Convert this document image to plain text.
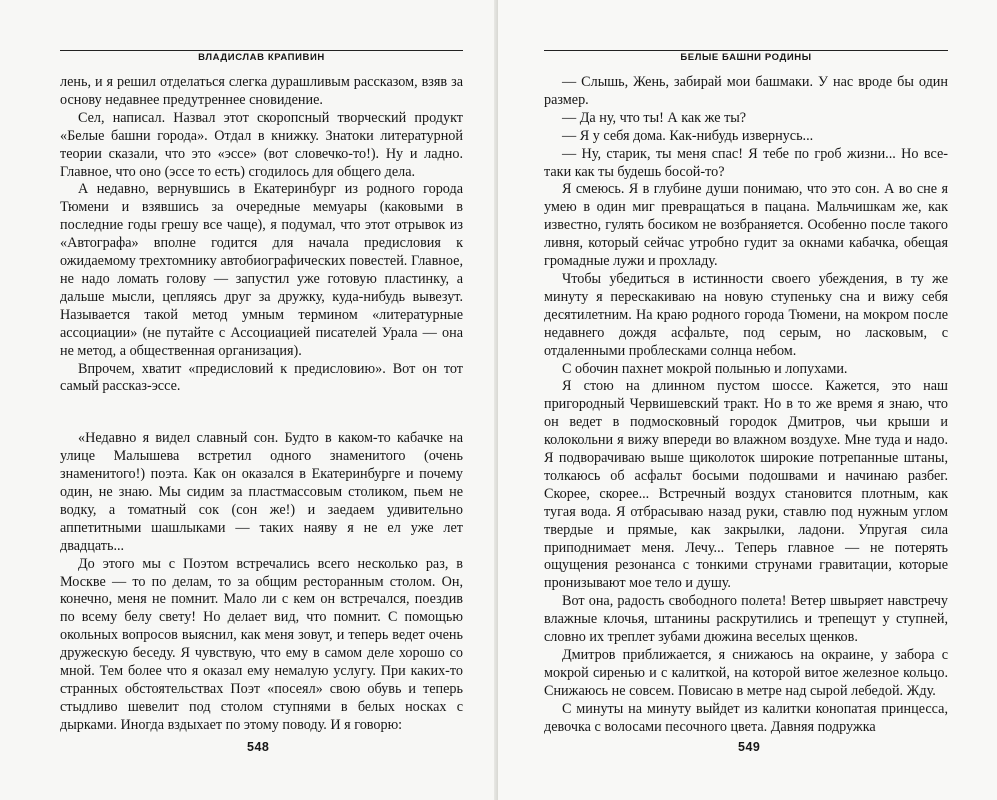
ВЛАДИСЛАВ КРАПИВИН

лень, и я решил отделаться слегка дурашливым рассказом, взяв за основу недавнее предутреннее сновидение.

Сел, написал. Назвал этот скоропсный творческий продукт «Белые башни города». Отдал в книжку. Знатоки литературной теории сказали, что это «эссе» (вот словечко-то!). Ну и ладно. Главное, что оно (эссе то есть) сгодилось для общего дела.

А недавно, вернувшись в Екатеринбург из родного города Тюмени и взявшись за очередные мемуары (каковыми в последние годы грешу все чаще), я подумал, что этот отрывок из «Автографа» вполне годится для начала предисловия к ожидаемому трехтомнику автобиографических повестей. Главное, не надо ломать голову — запустил уже готовую пластинку, а дальше мысли, цепляясь друг за дружку, куда-нибудь вывезут. Называется такой метод умным термином «литературные ассоциации» (не путайте с Ассоциацией писателей Урала — она не метод, а общественная организация).

Впрочем, хватит «предисловий к предисловию». Вот он тот самый рассказ-эссе.

«Недавно я видел славный сон. Будто в каком-то кабачке на улице Малышева встретил одного знаменитого (очень знаменитого!) поэта. Как он оказался в Екатеринбурге и почему один, не знаю. Мы сидим за пластмассовым столиком, пьем не водку, а томатный сок (сон же!) и заедаем удивительно аппетитными шашлыками — таких наяву я не ел уже лет двадцать...

До этого мы с Поэтом встречались всего несколько раз, в Москве — то по делам, то за общим ресторанным столом. Он, конечно, меня не помнит. Мало ли с кем он встречался, поездив по всему белу свету! Но делает вид, что помнит. С помощью окольных вопросов выяснил, как меня зовут, и теперь ведет очень дружескую беседу. Я чувствую, что ему в самом деле хорошо со мной. Тем более что я оказал ему немалую услугу. При каких-то странных обстоятельствах Поэт «посеял» свою обувь и теперь стыдливо шевелит под столом ступнями в белых носках с дырками. Иногда вздыхает по этому поводу. И я говорю:

548
БЕЛЫЕ БАШНИ РОДИНЫ

— Слышь, Жень, забирай мои башмаки. У нас вроде бы один размер.

— Да ну, что ты! А как же ты?

— Я у себя дома. Как-нибудь извернусь...

— Ну, старик, ты меня спас! Я тебе по гроб жизни... Но все-таки как ты будешь босой-то?

Я смеюсь. Я в глубине души понимаю, что это сон. А во сне я умею в один миг превращаться в пацана. Мальчишкам же, как известно, гулять босиком не возбраняется. Особенно после такого ливня, который сейчас утробно гудит за окнами кабачка, обещая громадные лужи и прохладу.

Чтобы убедиться в истинности своего убеждения, в ту же минуту я перескакиваю на новую ступеньку сна и вижу себя десятилетним. На краю родного города Тюмени, на мокром после недавнего дождя асфальте, под серым, но ласковым, с отдаленными проблесками солнца небом.

С обочин пахнет мокрой полынью и лопухами.

Я стою на длинном пустом шоссе. Кажется, это наш пригородный Червишевский тракт. Но в то же время я знаю, что он ведет в подмосковный городок Дмитров, чьи крыши и колокольни я вижу впереди во влажном воздухе. Мне туда и надо. Я подворачиваю выше щиколоток широкие потрепанные штаны, толкаюсь об асфальт босыми подошвами и начинаю разбег. Скорее, скорее... Встречный воздух становится плотным, как тугая вода. Я отбрасываю назад руки, ставлю под нужным углом твердые и прямые, как закрылки, ладони. Упругая сила приподнимает меня. Лечу... Теперь главное — не потерять ощущения резонанса с тонкими струнами гравитации, которые пронизывают мое тело и душу.

Вот она, радость свободного полета! Ветер швыряет навстречу влажные клочья, штанины раскрутились и трепещут у ступней, словно их треплет зубами дюжина веселых щенков.

Дмитров приближается, я снижаюсь на окраине, у забора с мокрой сиренью и с калиткой, на которой витое железное кольцо. Снижаюсь не совсем. Повисаю в метре над сырой лебедой. Жду.

С минуты на минуту выйдет из калитки конопатая принцесса, девочка с волосами песочного цвета. Давняя подружка

549
